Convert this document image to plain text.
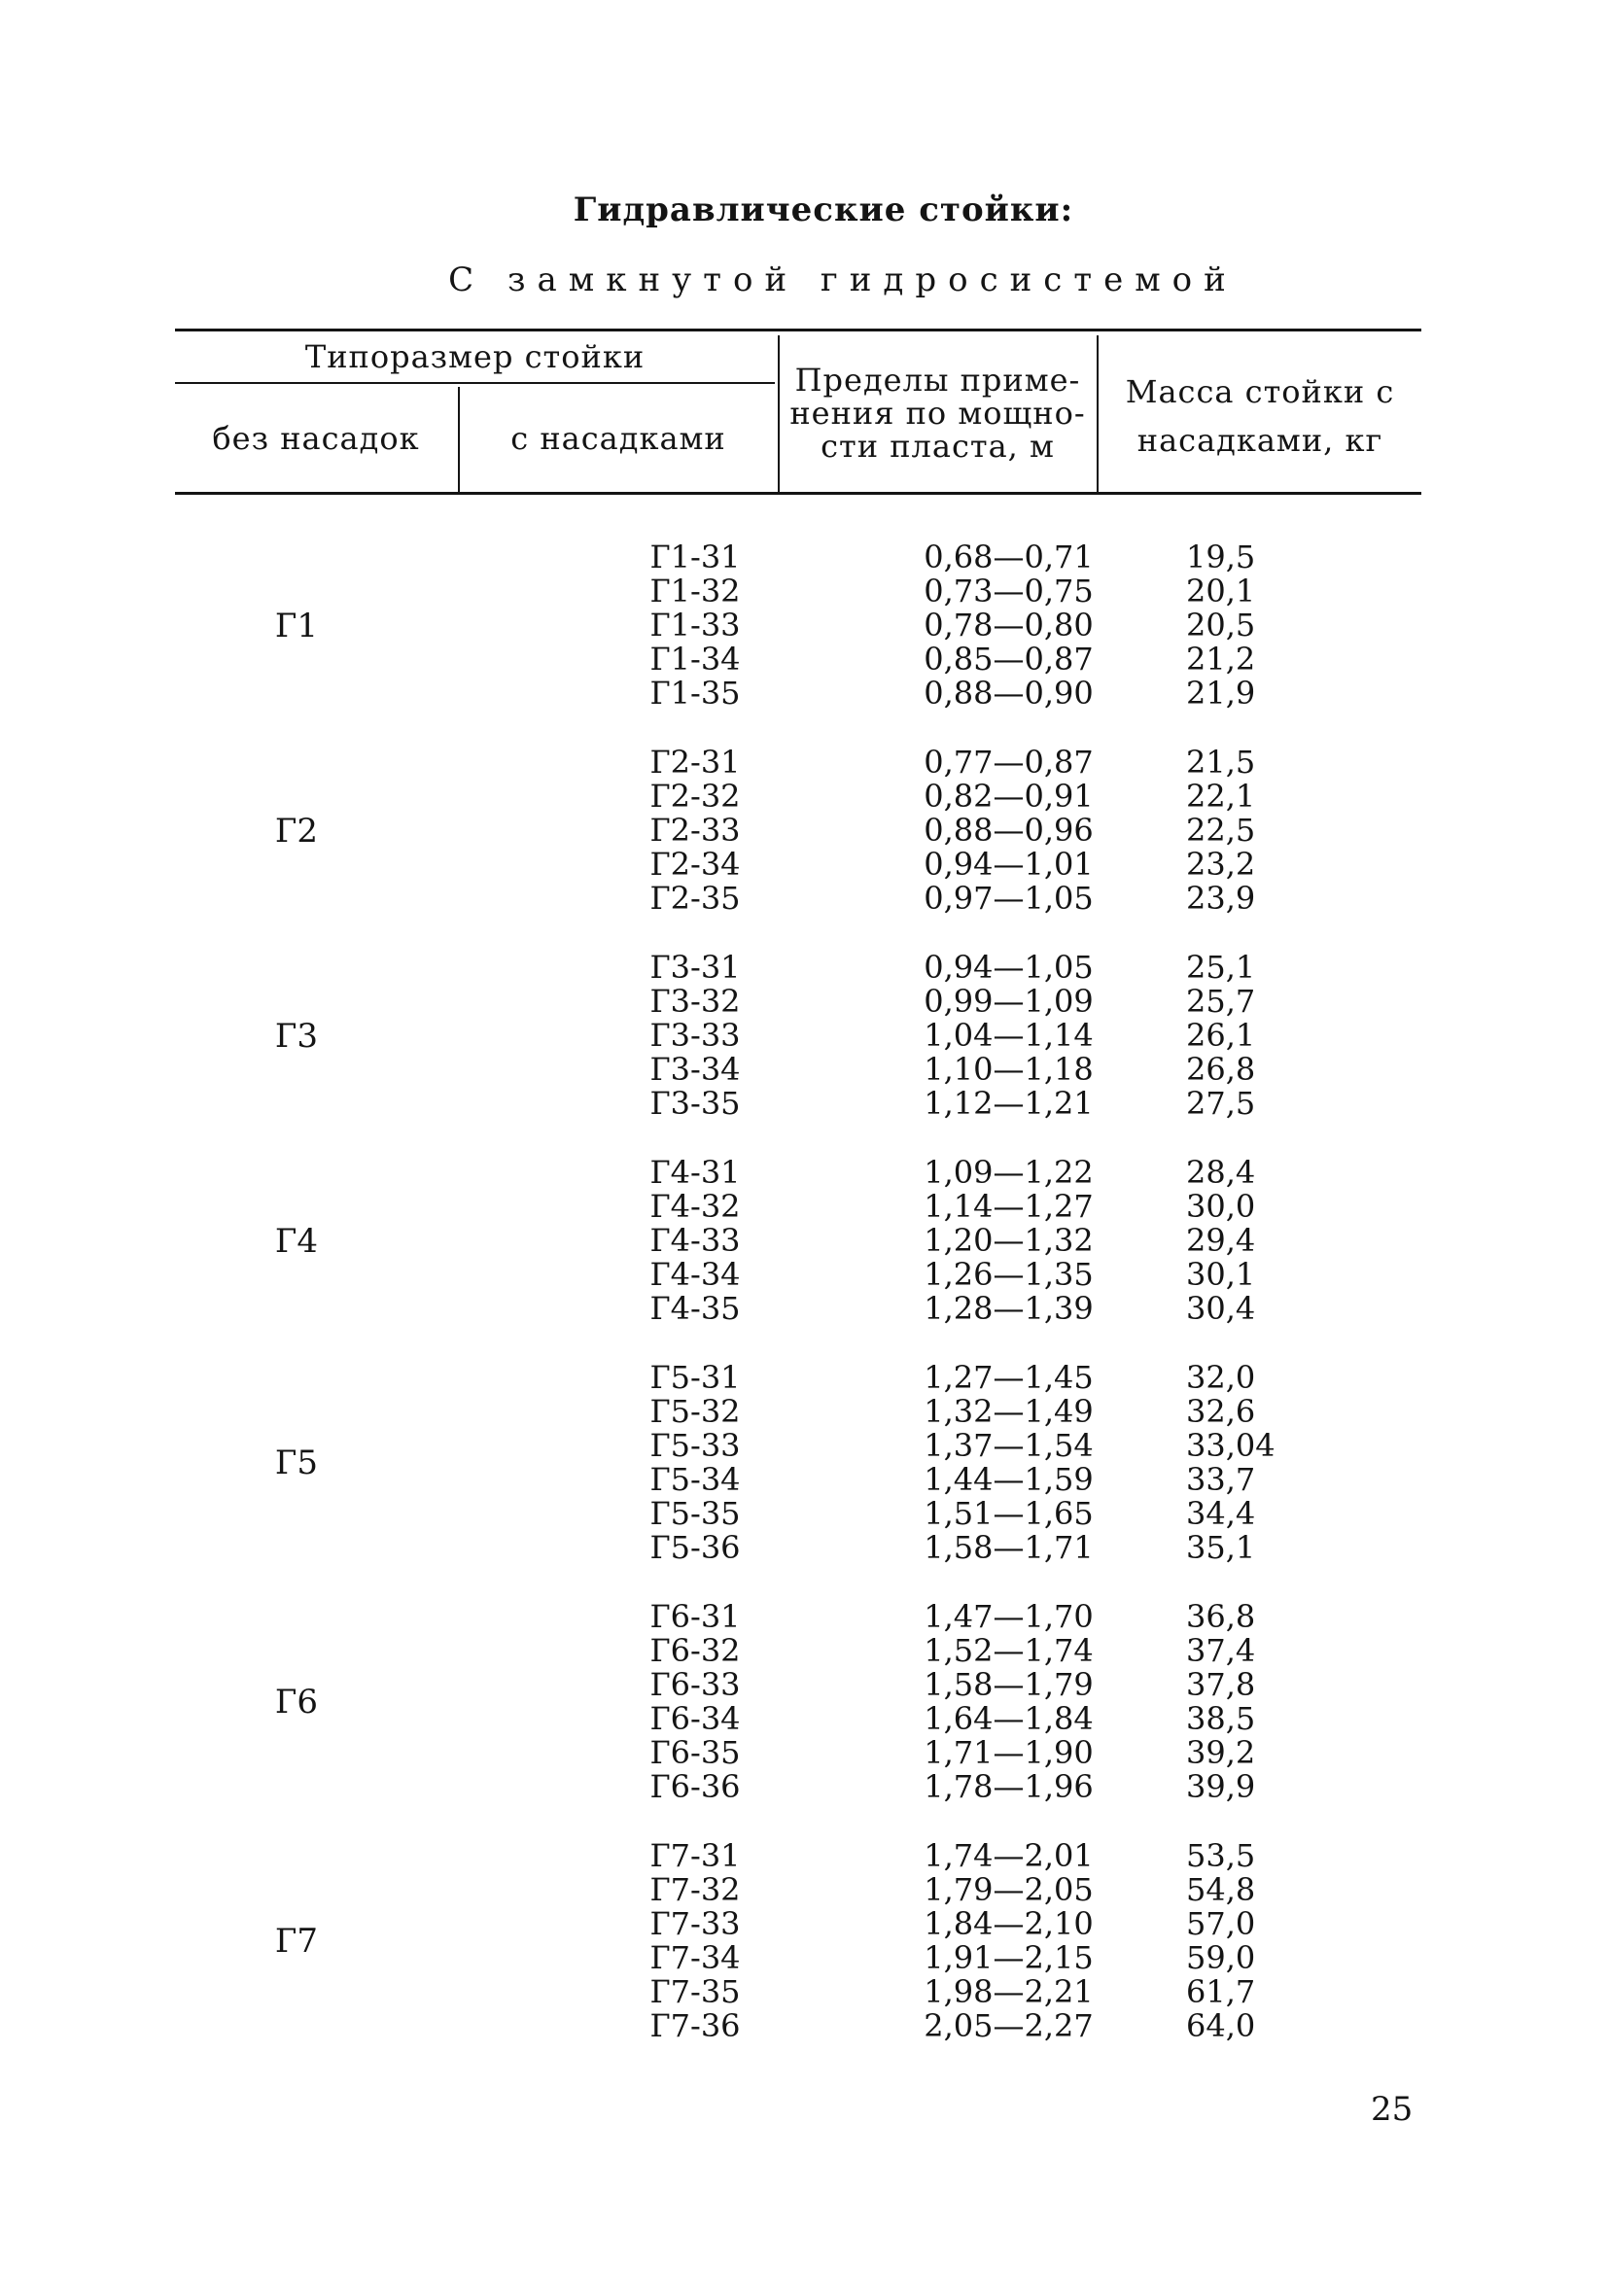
Гидравлические стойки:
С замкнутой гидросистемой
Типоразмер стойки
без насадок	с насадками
Пределы приме-
нения по мощно-
сти пласта, м
Масса стойки с
насадками, кг
Г1
Г1-31	0,68—0,71	19,5
Г1-32	0,73—0,75	20,1
Г1-33	0,78—0,80	20,5
Г1-34	0,85—0,87	21,2
Г1-35	0,88—0,90	21,9
Г2
Г2-31	0,77—0,87	21,5
Г2-32	0,82—0,91	22,1
Г2-33	0,88—0,96	22,5
Г2-34	0,94—1,01	23,2
Г2-35	0,97—1,05	23,9
Г3
Г3-31	0,94—1,05	25,1
Г3-32	0,99—1,09	25,7
Г3-33	1,04—1,14	26,1
Г3-34	1,10—1,18	26,8
Г3-35	1,12—1,21	27,5
Г4
Г4-31	1,09—1,22	28,4
Г4-32	1,14—1,27	30,0
Г4-33	1,20—1,32	29,4
Г4-34	1,26—1,35	30,1
Г4-35	1,28—1,39	30,4
Г5
Г5-31	1,27—1,45	32,0
Г5-32	1,32—1,49	32,6
Г5-33	1,37—1,54	33,04
Г5-34	1,44—1,59	33,7
Г5-35	1,51—1,65	34,4
Г5-36	1,58—1,71	35,1
Г6
Г6-31	1,47—1,70	36,8
Г6-32	1,52—1,74	37,4
Г6-33	1,58—1,79	37,8
Г6-34	1,64—1,84	38,5
Г6-35	1,71—1,90	39,2
Г6-36	1,78—1,96	39,9
Г7
Г7-31	1,74—2,01	53,5
Г7-32	1,79—2,05	54,8
Г7-33	1,84—2,10	57,0
Г7-34	1,91—2,15	59,0
Г7-35	1,98—2,21	61,7
Г7-36	2,05—2,27	64,0
25
